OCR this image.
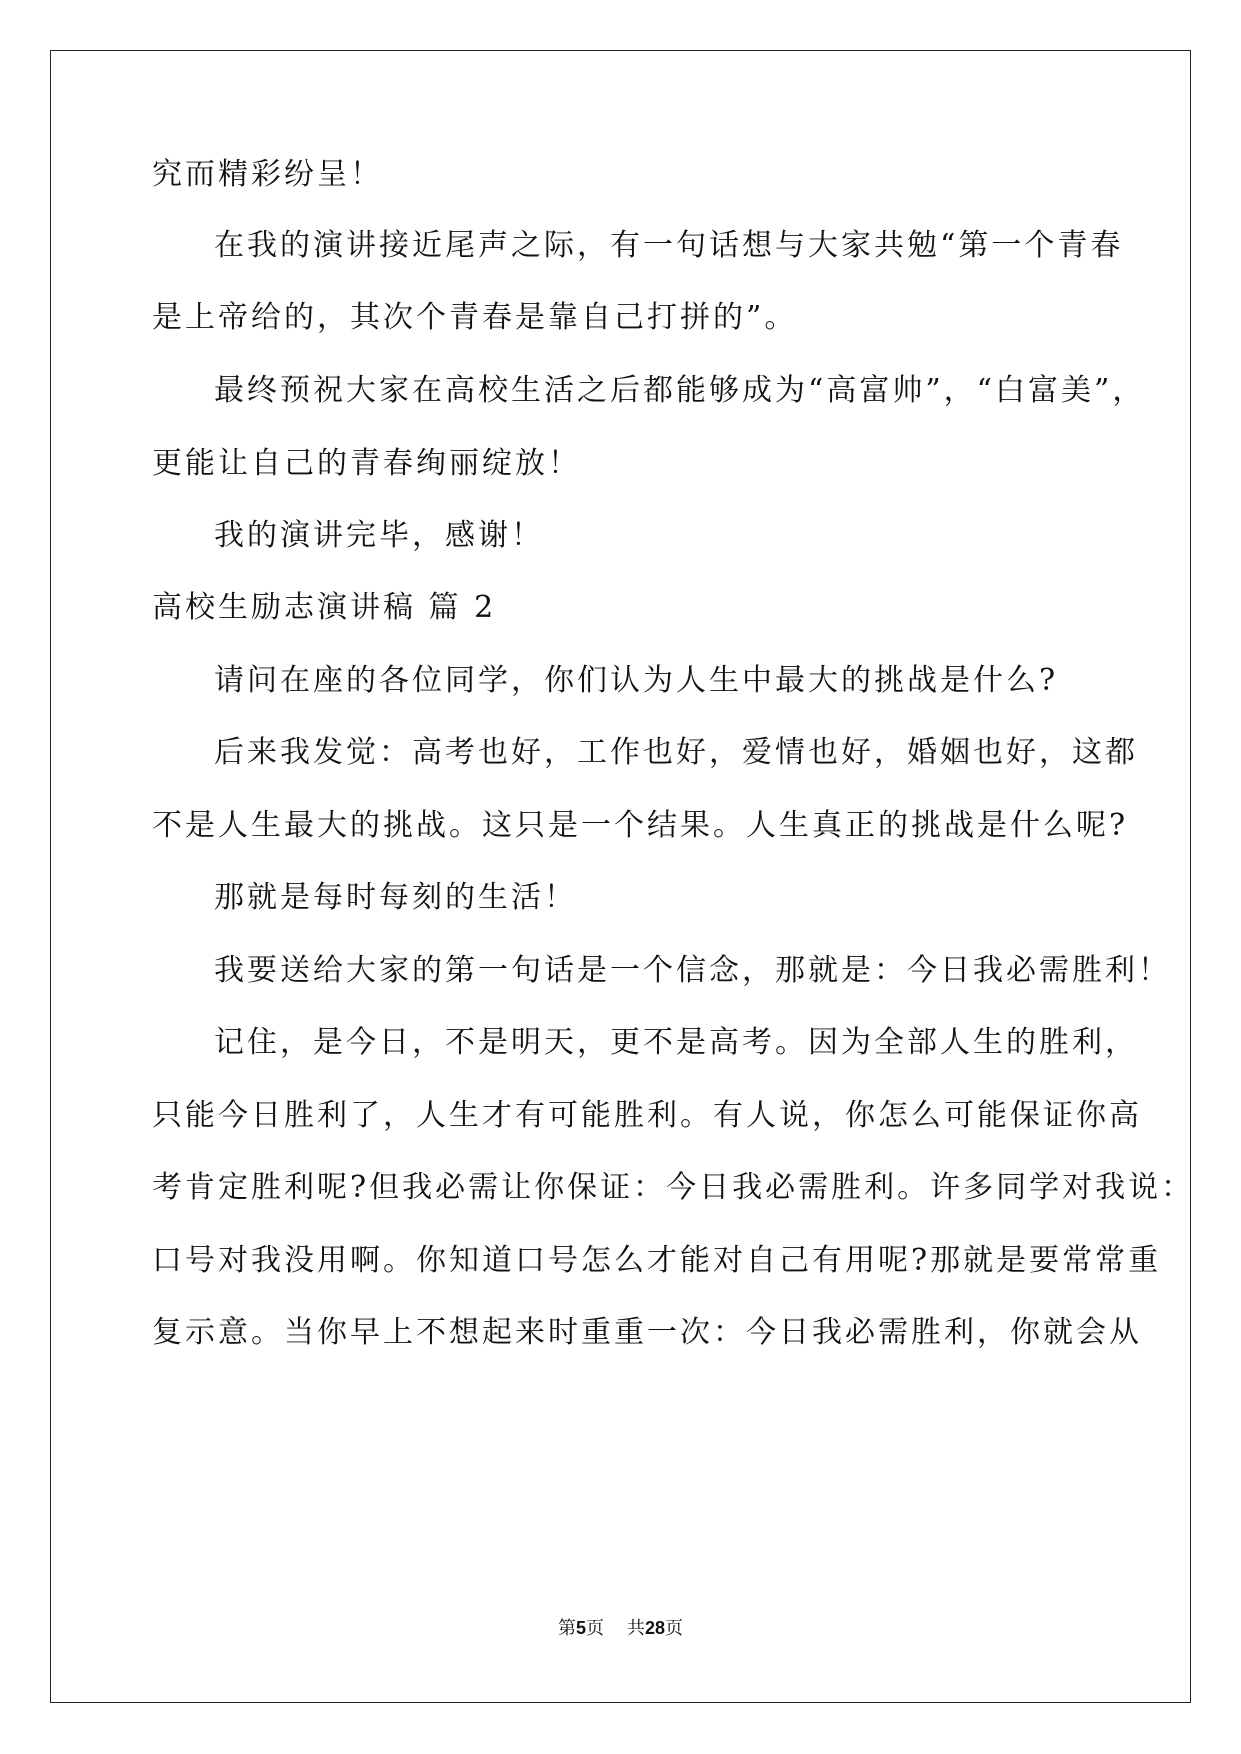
究而精彩纷呈！
在我的演讲接近尾声之际，有一句话想与大家共勉“第一个青春
是上帝给的，其次个青春是靠自己打拼的”。
最终预祝大家在高校生活之后都能够成为“高富帅”，“白富美”，
更能让自己的青春绚丽绽放！
我的演讲完毕，感谢！
高校生励志演讲稿 篇 2
请问在座的各位同学，你们认为人生中最大的挑战是什么?
后来我发觉：高考也好，工作也好，爱情也好，婚姻也好，这都
不是人生最大的挑战。这只是一个结果。人生真正的挑战是什么呢?
那就是每时每刻的生活！
我要送给大家的第一句话是一个信念，那就是：今日我必需胜利！
记住，是今日，不是明天，更不是高考。因为全部人生的胜利，
只能今日胜利了，人生才有可能胜利。有人说，你怎么可能保证你高
考肯定胜利呢?但我必需让你保证：今日我必需胜利。许多同学对我说：
口号对我没用啊。你知道口号怎么才能对自己有用呢?那就是要常常重
复示意。当你早上不想起来时重重一次：今日我必需胜利，你就会从
第5页    共28页
